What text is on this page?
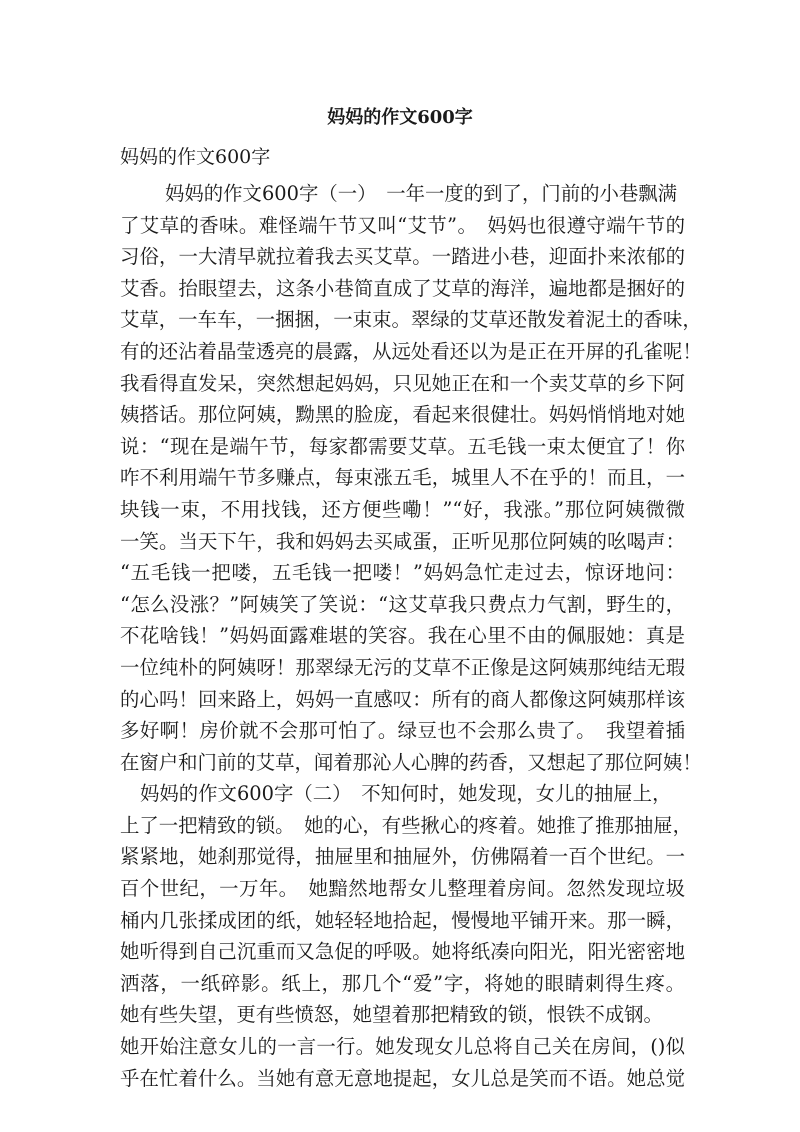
妈妈的作文600字
妈妈的作文600字
妈妈的作文600字（一）　一年一度的到了，门前的小巷飘满
了艾草的香味。难怪端午节又叫“艾节”。　妈妈也很遵守端午节的
习俗，一大清早就拉着我去买艾草。一踏进小巷，迎面扑来浓郁的
艾香。抬眼望去，这条小巷简直成了艾草的海洋，遍地都是捆好的
艾草，一车车，一捆捆，一束束。翠绿的艾草还散发着泥土的香味，
有的还沾着晶莹透亮的晨露，从远处看还以为是正在开屏的孔雀呢！
我看得直发呆，突然想起妈妈，只见她正在和一个卖艾草的乡下阿
姨搭话。那位阿姨，黝黑的脸庞，看起来很健壮。妈妈悄悄地对她
说：“现在是端午节，每家都需要艾草。五毛钱一束太便宜了！你
咋不利用端午节多赚点，每束涨五毛，城里人不在乎的！而且，一
块钱一束，不用找钱，还方便些嘞！”“好，我涨。”那位阿姨微微
一笑。当天下午，我和妈妈去买咸蛋，正听见那位阿姨的吆喝声：
“五毛钱一把喽，五毛钱一把喽！”妈妈急忙走过去，惊讶地问：
“怎么没涨？”阿姨笑了笑说：“这艾草我只费点力气割，野生的，
不花啥钱！”妈妈面露难堪的笑容。我在心里不由的佩服她：真是
一位纯朴的阿姨呀！那翠绿无污的艾草不正像是这阿姨那纯结无瑕
的心吗！回来路上，妈妈一直感叹：所有的商人都像这阿姨那样该
多好啊！房价就不会那可怕了。绿豆也不会那么贵了。　我望着插
在窗户和门前的艾草，闻着那沁人心脾的药香，又想起了那位阿姨！
妈妈的作文600字（二）　不知何时，她发现，女儿的抽屉上，
上了一把精致的锁。　她的心，有些揪心的疼着。她推了推那抽屉，
紧紧地，她刹那觉得，抽屉里和抽屉外，仿佛隔着一百个世纪。一
百个世纪，一万年。　她黯然地帮女儿整理着房间。忽然发现垃圾
桶内几张揉成团的纸，她轻轻地拾起，慢慢地平铺开来。那一瞬，
她听得到自己沉重而又急促的呼吸。她将纸凑向阳光，阳光密密地
洒落，一纸碎影。纸上，那几个“爱”字，将她的眼睛刺得生疼。
她有些失望，更有些愤怒，她望着那把精致的锁，恨铁不成钢。
她开始注意女儿的一言一行。她发现女儿总将自己关在房间，()似
乎在忙着什么。当她有意无意地提起，女儿总是笑而不语。她总觉
